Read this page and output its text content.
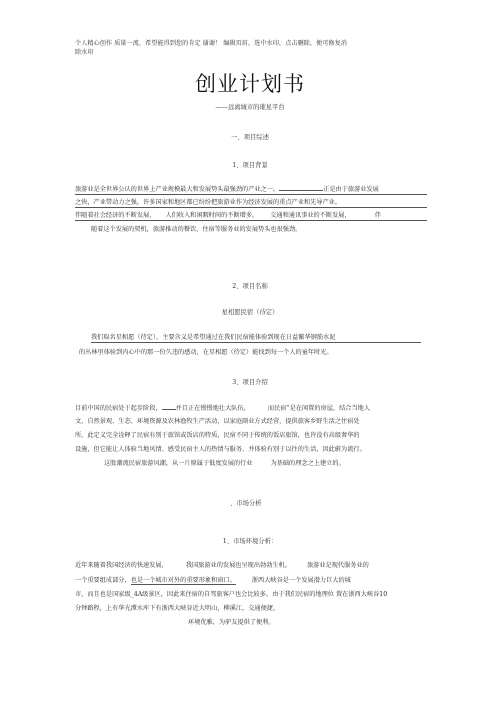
个人精心创作 质量一流，希望能得到您的肯定 谢谢！ 编辑页眉，选中水印，点击删除，便可修复消
除水印
创业计划书
——远离城市的璀星平台
一、项目综述
1、项目背景
旅游业是全世界公认的世界上产业规模最大和发展势头最强劲的产业之一。	正是由于旅游业发展
之快，产业带动力之强，许多国家和地区都已纷纷把旅游业作为经济发展的重点产业和先导产业。
伴随着社会经济的不断发展， 人们收入和闲暇时间的不断增多， 交通和通讯事业的不断发展，	伴
随着这个发展的契机，旅游推动的餐饮、住宿等服务业的发展势头也很强劲。
2、项目名称
星相愿民宿（待定）
我们取名星相愿（待定），主要含义是希望通过在我们民宿能体验到现在日益繁华钢筋水泥
的丛林里体验到内心中的那一份久违的感动，在星相愿（待定）能找到每一个人的童年时光。
3、项目介绍
目前中国的民宿处于起步阶段， 并且正在慢慢地壮大队伍，	而民宿”是在闲置的房屋，结合当地人
文、自然景观、生态、环境资源及农林渔牧生产活动，以家庭副业方式经营，提供旅客乡野生活之住宿处
所。此定义完全诠释了民宿有别于旅馆或饭店的特质，民宿不同于传统的饭店旅馆，也许没有高级奢华的
设施，但它能让人体验当地风情、感受民宿主人的热情与服务、并体验有别于以往的生活，因此蔚为流行。
这股潮流民宿旅游风潮，从一片原属于低度发展的行业	为基础的理念之上建立的。
、市场分析
1、市场环境分析：
近年来随着我国经济的快速发展，	我国旅游业的发展也呈现出勃勃生机。	旅游业是现代服务业的
一个重要组成部分，也是一个城市对外的重要形象和窗口。	浙西大峡谷是一个发展潜力巨大的城
市，而且也是国家级_4A级景区，因此来住宿的自驾旅客户也会比较多。由于我们民宿的地理位 置在浙西大峡谷10
分钟路程，上有华光潭水库下有浙西大峡谷近大明山，柳溪江，交通便捷，
环境优雅，为驴友提供了便利。
